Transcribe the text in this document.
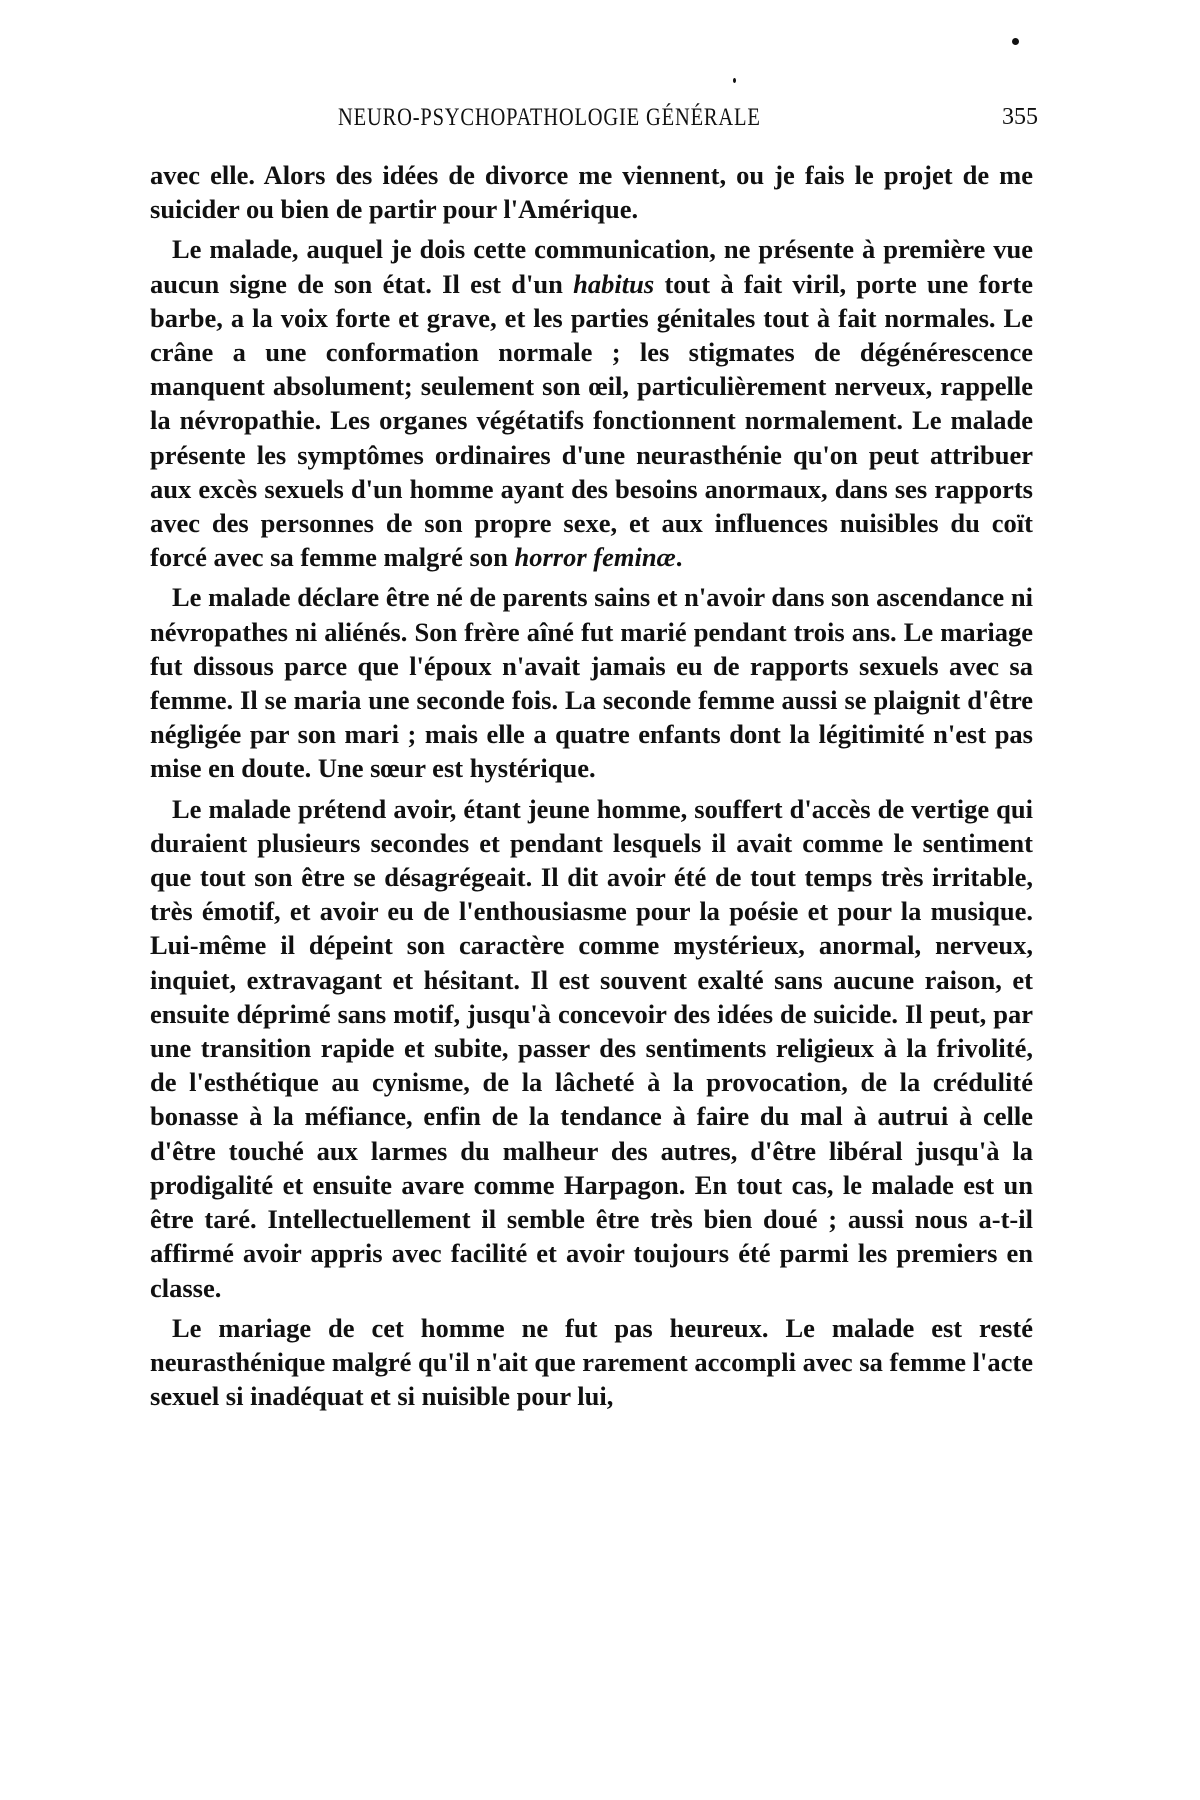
NEURO-PSYCHOPATHOLOGIE GÉNÉRALE	355

avec elle. Alors des idées de divorce me viennent, ou je fais le projet de me suicider ou bien de partir pour l'Amérique.

Le malade, auquel je dois cette communication, ne présente à première vue aucun signe de son état. Il est d'un habitus tout à fait viril, porte une forte barbe, a la voix forte et grave, et les parties génitales tout à fait normales. Le crâne a une conformation normale ; les stigmates de dégénérescence manquent absolument; seulement son œil, particulièrement nerveux, rappelle la névropathie. Les organes végétatifs fonctionnent normalement. Le malade présente les symptômes ordinaires d'une neurasthénie qu'on peut attribuer aux excès sexuels d'un homme ayant des besoins anormaux, dans ses rapports avec des personnes de son propre sexe, et aux influences nuisibles du coït forcé avec sa femme malgré son horror feminæ.

Le malade déclare être né de parents sains et n'avoir dans son ascendance ni névropathes ni aliénés. Son frère aîné fut marié pendant trois ans. Le mariage fut dissous parce que l'époux n'avait jamais eu de rapports sexuels avec sa femme. Il se maria une seconde fois. La seconde femme aussi se plaignit d'être négligée par son mari ; mais elle a quatre enfants dont la légitimité n'est pas mise en doute. Une sœur est hystérique.

Le malade prétend avoir, étant jeune homme, souffert d'accès de vertige qui duraient plusieurs secondes et pendant lesquels il avait comme le sentiment que tout son être se désagrégeait. Il dit avoir été de tout temps très irritable, très émotif, et avoir eu de l'enthousiasme pour la poésie et pour la musique. Lui-même il dépeint son caractère comme mystérieux, anormal, nerveux, inquiet, extravagant et hésitant. Il est souvent exalté sans aucune raison, et ensuite déprimé sans motif, jusqu'à concevoir des idées de suicide. Il peut, par une transition rapide et subite, passer des sentiments religieux à la frivolité, de l'esthétique au cynisme, de la lâcheté à la provocation, de la crédulité bonasse à la méfiance, enfin de la tendance à faire du mal à autrui à celle d'être touché aux larmes du malheur des autres, d'être libéral jusqu'à la prodigalité et ensuite avare comme Harpagon. En tout cas, le malade est un être taré. Intellectuellement il semble être très bien doué ; aussi nous a-t-il affirmé avoir appris avec facilité et avoir toujours été parmi les premiers en classe.

Le mariage de cet homme ne fut pas heureux. Le malade est resté neurasthénique malgré qu'il n'ait que rarement accompli avec sa femme l'acte sexuel si inadéquat et si nuisible pour lui,
